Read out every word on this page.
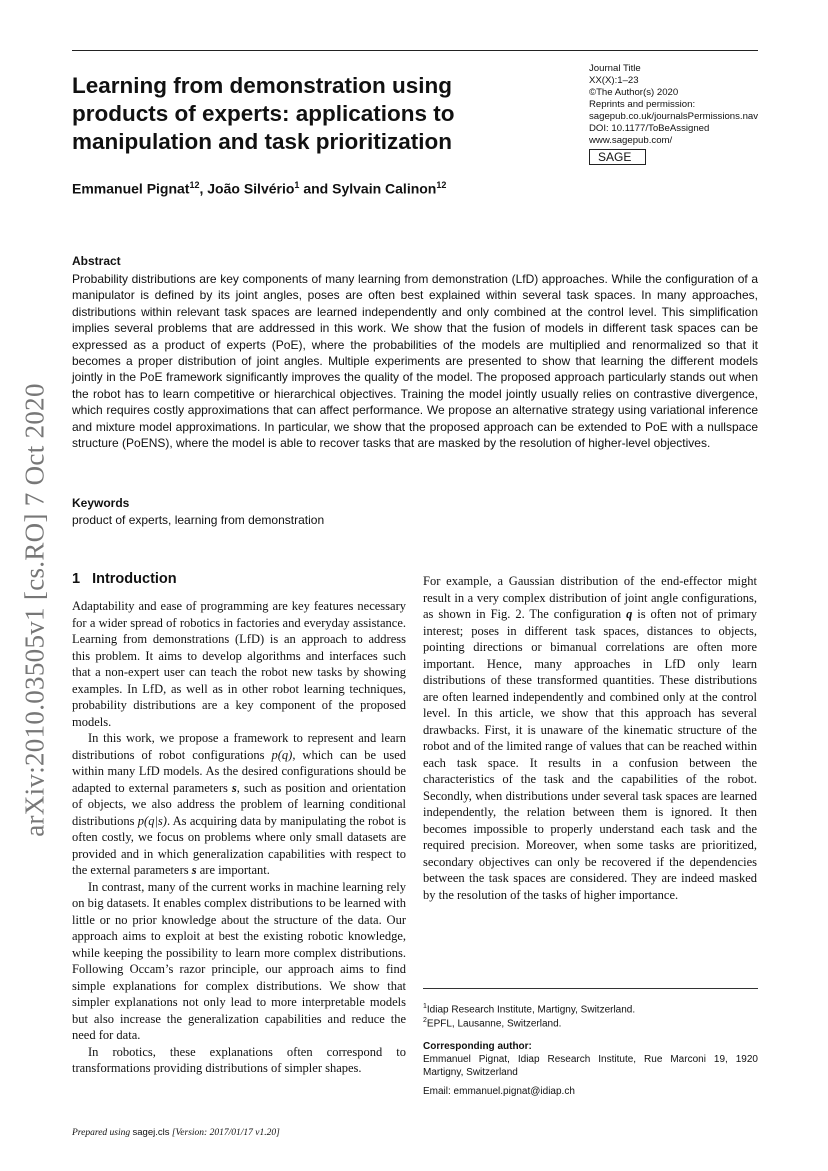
arXiv:2010.03505v1 [cs.RO] 7 Oct 2020
Learning from demonstration using products of experts: applications to manipulation and task prioritization
Journal Title
XX(X):1–23
©The Author(s) 2020
Reprints and permission:
sagepub.co.uk/journalsPermissions.nav
DOI: 10.1177/ToBeAssigned
www.sagepub.com/
SAGE
Emmanuel Pignat$^{12}$, João Silvério$^1$ and Sylvain Calinon$^{12}$
Abstract

Probability distributions are key components of many learning from demonstration (LfD) approaches. While the configuration of a manipulator is defined by its joint angles, poses are often best explained within several task spaces. In many approaches, distributions within relevant task spaces are learned independently and only combined at the control level. This simplification implies several problems that are addressed in this work. We show that the fusion of models in different task spaces can be expressed as a product of experts (PoE), where the probabilities of the models are multiplied and renormalized so that it becomes a proper distribution of joint angles. Multiple experiments are presented to show that learning the different models jointly in the PoE framework significantly improves the quality of the model. The proposed approach particularly stands out when the robot has to learn competitive or hierarchical objectives. Training the model jointly usually relies on contrastive divergence, which requires costly approximations that can affect performance. We propose an alternative strategy using variational inference and mixture model approximations. In particular, we show that the proposed approach can be extended to PoE with a nullspace structure (PoENS), where the model is able to recover tasks that are masked by the resolution of higher-level objectives.

Keywords
product of experts, learning from demonstration
1 Introduction

Adaptability and ease of programming are key features necessary for a wider spread of robotics in factories and everyday assistance. Learning from demonstrations (LfD) is an approach to address this problem. It aims to develop algorithms and interfaces such that a non-expert user can teach the robot new tasks by showing examples. In LfD, as well as in other robot learning techniques, probability distributions are a key component of the proposed models.

In this work, we propose a framework to represent and learn distributions of robot configurations p(q), which can be used within many LfD models. As the desired configurations should be adapted to external parameters s, such as position and orientation of objects, we also address the problem of learning conditional distributions p(q|s). As acquiring data by manipulating the robot is often costly, we focus on problems where only small datasets are provided and in which generalization capabilities with respect to the external parameters s are important.

In contrast, many of the current works in machine learning rely on big datasets. It enables complex distributions to be learned with little or no prior knowledge about the structure of the data. Our approach aims to exploit at best the existing robotic knowledge, while keeping the possibility to learn more complex distributions. Following Occam’s razor principle, our approach aims to find simple explanations for complex distributions. We show that simpler explanations not only lead to more interpretable models but also increase the generalization capabilities and reduce the need for data.

In robotics, these explanations often correspond to transformations providing distributions of simpler shapes.

For example, a Gaussian distribution of the end-effector might result in a very complex distribution of joint angle configurations, as shown in Fig. 2. The configuration q is often not of primary interest; poses in different task spaces, distances to objects, pointing directions or bimanual correlations are often more important. Hence, many approaches in LfD only learn distributions of these transformed quantities. These distributions are often learned independently and combined only at the control level. In this article, we show that this approach has several drawbacks. First, it is unaware of the kinematic structure of the robot and of the limited range of values that can be reached within each task space. It results in a confusion between the characteristics of the task and the capabilities of the robot. Secondly, when distributions under several task spaces are learned independently, the relation between them is ignored. It then becomes impossible to properly understand each task and the required precision. Moreover, when some tasks are prioritized, secondary objectives can only be recovered if the dependencies between the task spaces are considered. They are indeed masked by the resolution of the tasks of higher importance.

$^1$Idiap Research Institute, Martigny, Switzerland.
$^2$EPFL, Lausanne, Switzerland.
Corresponding author:
Emmanuel Pignat, Idiap Research Institute, Rue Marconi 19, 1920 Martigny, Switzerland
Email: emmanuel.pignat@idiap.ch
Prepared using sagej.cls [Version: 2017/01/17 v1.20]
